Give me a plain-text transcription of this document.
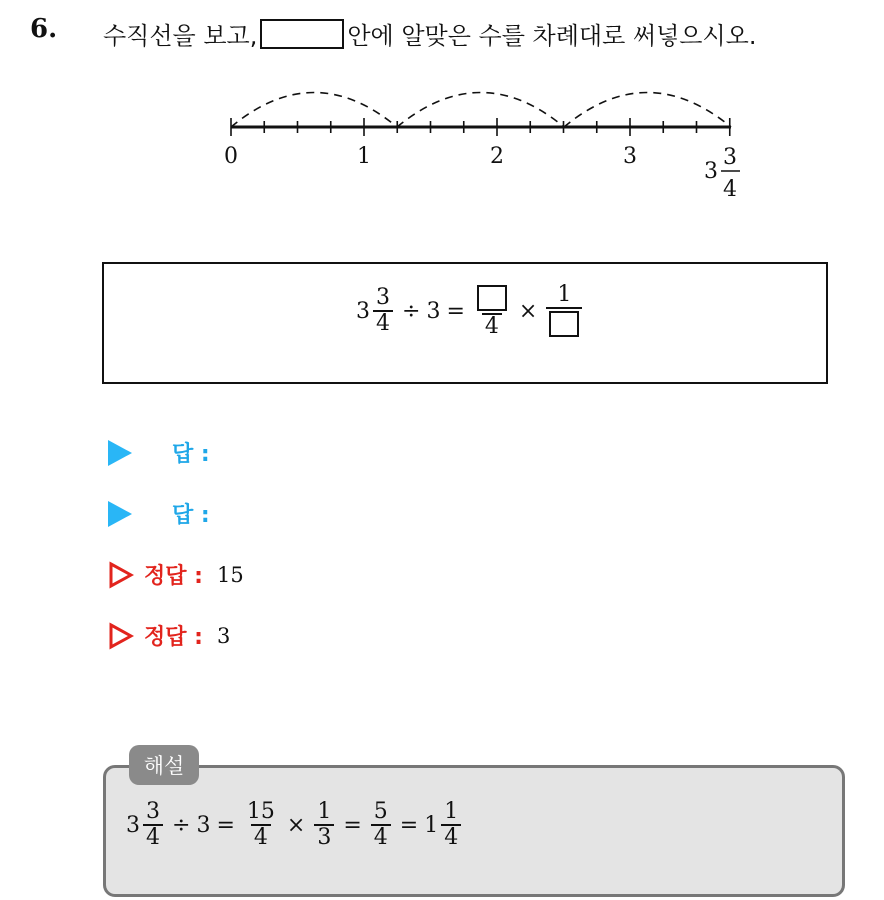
6. 수직선을 보고,	안에 알맞은 수를 차례대로 써넣으시오.
0	1	2	3
3
3
4
$3 \frac{3}{4} \div 3$ =
4
×
1
답 :
답 :
정답 : 15
정답 : 3
해설
$3 \frac{3}{4} \div 3 = \frac{15}{4} \times \frac{1}{3} = \frac{5}{4} = 1 \frac{1}{4}$
